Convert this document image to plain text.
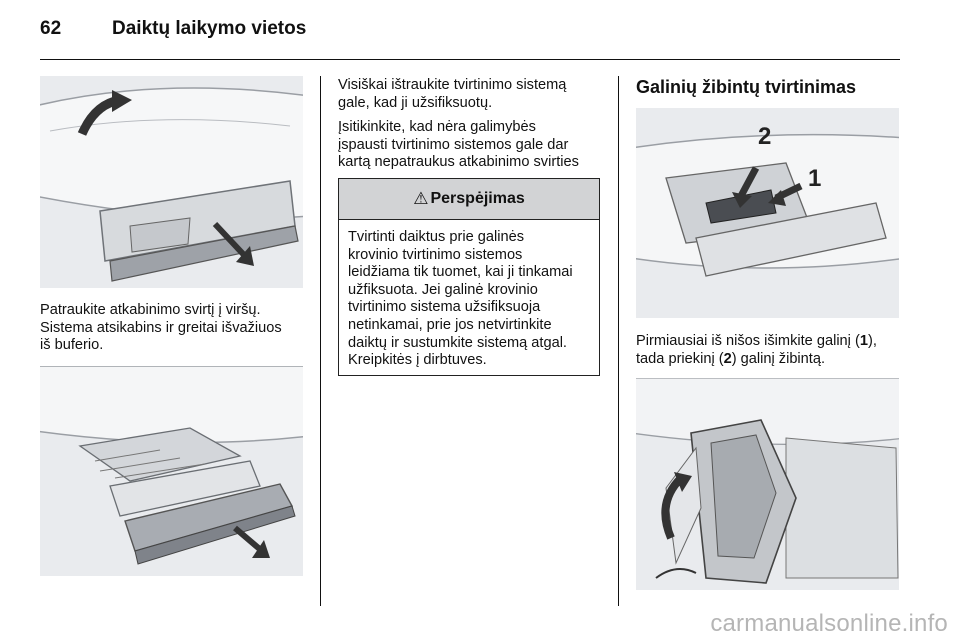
62	Daiktų laikymo vietos
Patraukite atkabinimo svirtį į viršų.
Sistema atsikabins ir greitai išvažiuos
iš buferio.
Visiškai ištraukite tvirtinimo sistemą
gale, kad ji užsifiksuotų.
Įsitikinkite, kad nėra galimybės
įspausti tvirtinimo sistemos gale dar
kartą nepatraukus atkabinimo svirties
⚠ Perspėjimas
Tvirtinti daiktus prie galinės
krovinio tvirtinimo sistemos
leidžiama tik tuomet, kai ji tinkamai
užfiksuota. Jei galinė krovinio
tvirtinimo sistema užsifiksuoja
netinkamai, prie jos netvirtinkite
daiktų ir sustumkite sistemą atgal.
Kreipkitės į dirbtuves.
Galinių žibintų tvirtinimas
2
1
Pirmiausiai iš nišos išimkite galinį (1),
tada priekinį (2) galinį žibintą.
carmanualsonline.info
